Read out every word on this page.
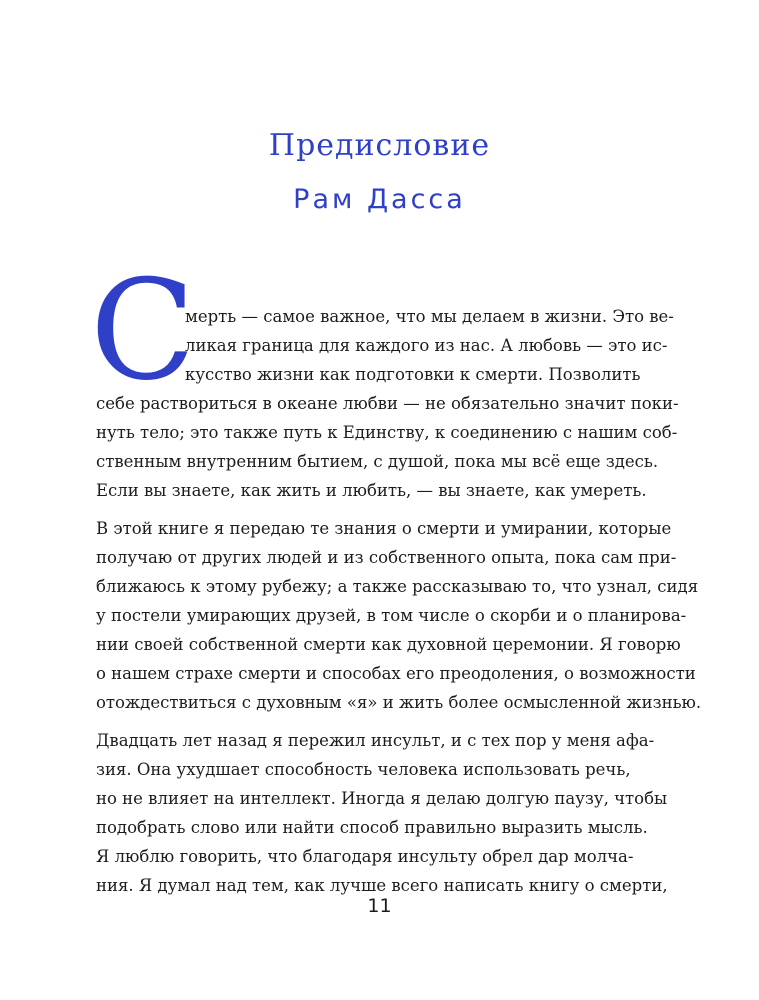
Предисловие
Рам Дасса
С
мерть — самое важное, что мы делаем в жизни. Это ве-
ликая граница для каждого из нас. А любовь — это ис-
кусство жизни как подготовки к смерти. Позволить
себе раствориться в океане любви — не обязательно значит поки-
нуть тело; это также путь к Единству, к соединению с нашим соб-
ственным внутренним бытием, с душой, пока мы всё еще здесь.
Если вы знаете, как жить и любить, — вы знаете, как умереть.
В этой книге я передаю те знания о смерти и умирании, которые
получаю от других людей и из собственного опыта, пока сам при-
ближаюсь к этому рубежу; а также рассказываю то, что узнал, сидя
у постели умирающих друзей, в том числе о скорби и о планирова-
нии своей собственной смерти как духовной церемонии. Я говорю
о нашем страхе смерти и способах его преодоления, о возможности
отождествиться с духовным «я» и жить более осмысленной жизнью.
Двадцать лет назад я пережил инсульт, и с тех пор у меня афа-
зия. Она ухудшает способность человека использовать речь,
но не влияет на интеллект. Иногда я делаю долгую паузу, чтобы
подобрать слово или найти способ правильно выразить мысль.
Я люблю говорить, что благодаря инсульту обрел дар молча-
ния. Я думал над тем, как лучше всего написать книгу о смерти,
11
